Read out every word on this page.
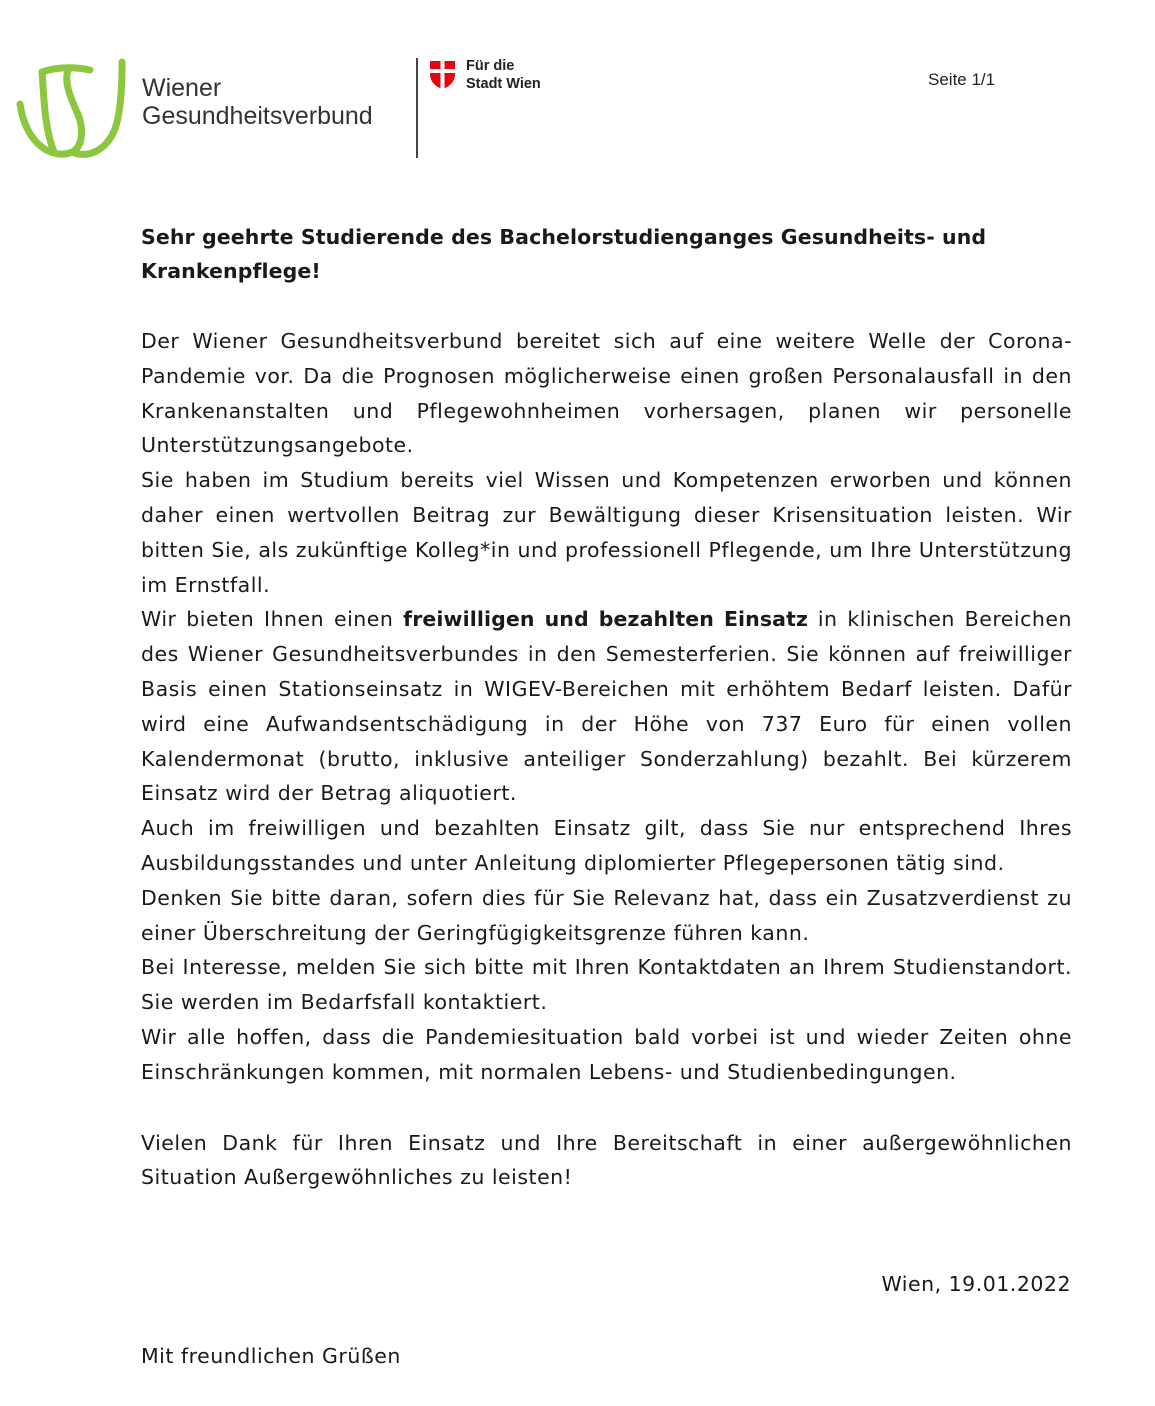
Wiener
Gesundheitsverbund
Für die
Stadt Wien	Seite 1/1

Sehr geehrte Studierende des Bachelorstudienganges Gesundheits- und
Krankenpflege!

Der Wiener Gesundheitsverbund bereitet sich auf eine weitere Welle der Corona-Pandemie vor. Da die Prognosen möglicherweise einen großen Personalausfall in den Krankenanstalten und Pflegewohnheimen vorhersagen, planen wir personelle Unterstützungsangebote.

Sie haben im Studium bereits viel Wissen und Kompetenzen erworben und können daher einen wertvollen Beitrag zur Bewältigung dieser Krisensituation leisten. Wir bitten Sie, als zukünftige Kolleg*in und professionell Pflegende, um Ihre Unterstützung im Ernstfall.

Wir bieten Ihnen einen freiwilligen und bezahlten Einsatz in klinischen Bereichen des Wiener Gesundheitsverbundes in den Semesterferien. Sie können auf freiwilliger Basis einen Stationseinsatz in WIGEV-Bereichen mit erhöhtem Bedarf leisten. Dafür wird eine Aufwandsentschädigung in der Höhe von 737 Euro für einen vollen Kalendermonat (brutto, inklusive anteiliger Sonderzahlung) bezahlt. Bei kürzerem Einsatz wird der Betrag aliquotiert.

Auch im freiwilligen und bezahlten Einsatz gilt, dass Sie nur entsprechend Ihres Ausbildungsstandes und unter Anleitung diplomierter Pflegepersonen tätig sind.

Denken Sie bitte daran, sofern dies für Sie Relevanz hat, dass ein Zusatzverdienst zu einer Überschreitung der Geringfügigkeitsgrenze führen kann.

Bei Interesse, melden Sie sich bitte mit Ihren Kontaktdaten an Ihrem Studienstandort. Sie werden im Bedarfsfall kontaktiert.

Wir alle hoffen, dass die Pandemiesituation bald vorbei ist und wieder Zeiten ohne Einschränkungen kommen, mit normalen Lebens- und Studienbedingungen.

Vielen Dank für Ihren Einsatz und Ihre Bereitschaft in einer außergewöhnlichen Situation Außergewöhnliches zu leisten!

Wien, 19.01.2022
Mit freundlichen Grüßen
